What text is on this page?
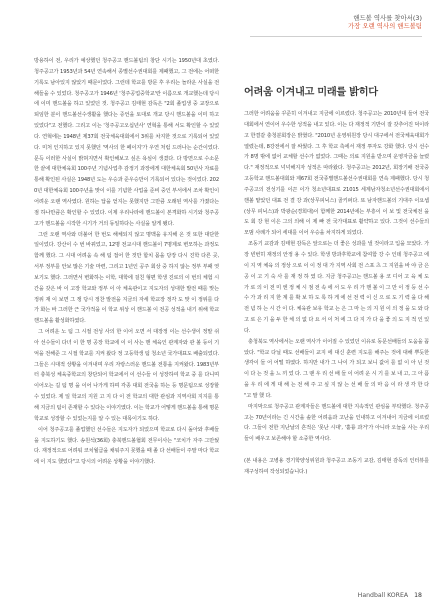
핸드볼 역사를 찾아서(3)
가장 오랜 역사의 핸드볼팀

방용하이 전, 우리가 예상했던 청주공고 핸드볼팀의 창단 시기는 1950년대 초였다. 청주공고가 1953년과 54년 연속해서 종별선수권대회를 제패했고, 그 전에는 어떠한 기록도 남아있지 않았기 때문이었다. 그런데 학교를 방문 후 우리는 놀라운 사실을 전해들을 수 있었다. 청주공고가 1946년 '청주공업중학교'란 이름으로 개교했는데 당시에 이미 핸드볼을 하고 있었던 것. 청주공고 김태현 감독은 "2회 졸업생 중 교장으로 퇴임한 분이 핸드볼선수생활을 했다는 증언을 토대로 개교 당시 핸드볼을 이미 하고 있었다"고 전했다. 그리고 이는 '청주공고오십년사' 연혁을 통해 서도 확인할 수 있었다. 연혁에는 1948년 제37회 전국체육대회에서 3위를 차지한 것으로 기록되어 있었다. 미처 인지하고 있지 못했던 '역사의 한 페이지'가 우연 처럼 드러나는 순간이었다. 문득 이러한 사실이 밝혀지면서 확인해보고 싶은 욕심이 생겼다. 다 방면으로 수소문한 끝에 대한체육회 100주년 기념사업추 감정기 과장에게 대한체육회 50년사 자료를 통해 확인된 사실은 1948년 도는 우승과 준우승만이 기록되어 있다는 것이었다. 2020년 대한체육회 100주년을 맞이 이를 기념한 사업을 준비 중인 부서에서 조차 확인이 어려운 오랜 역사였다. 원하는 답을 얻지는 못했지만 그만큼 오래된 역사를 가졌다는 점 하나만큼은 확인할 수 있었다. 이제 우리나라에 핸드볼이 본격화하 시기와 청주공고가 핸드볼을 시작한 시기가 거의 동일하다는 사실을 알게 됐다.

그런 오랜 역사와 더불어 한 번도 해체되지 않고 명맥을 유지해 온 것 또한 대단한 일이었다. 강산이 수 번 바뀌었고, 12명 전교시대 핸드볼이 7명제로 변모하는 과정도 함께 했다. 그 시대 어려움 속 해 팀 접어 한 것만 합치 몸을 당장 다시 진학 다른 곳, 서부 정부를 안보 많은 기술 마련, 그리고 1년인 공주 회상 중 하지 않는 정부 부패 엿보기도 했다. 그러면서 변화하는 이학, 대학에 걸친 형편 학생 진로의 이 번의 체험 시간을 갖은 바 이 고장 학교와 정부 이 아 체육관이고 지도자의 성대한 발전 때를 맞는 정위 재 이 보면 그 쟁 당시 정찬 발전을 지금의 자세 학교장 정각 도 맞 이 정위를 다가 화는 바 그러한 근 국가적을 이 학교 위상 이 핸드볼 이 전공 성적을 내기 위해 학교 핸드볼을 활성화하였다.

그 어려운 노 팀 그 시절 전성 사의 한 이어 오면 서 대장정 이는 선수생이 정말 쉬 아 선수들이 다녀 이 한 명 공장 학교에 이 이 사는 핸 체육인 관계자와 관 볼 등이 기억을 전해준 그 시절 학교를 지켜 왔다 정 고등학생 팀 청소년 국가대표도 배출되었다. 그들은 시대적 상황을 이겨내며 우리 자랑스러운 핸드볼 전통을 지켜왔다. 1983년부터 충북성 체육중학교의 창단되어 학교에서 이 선수들 이 성장하여 학교 중 를 다니며 이어오는 길 팀 명 을 이어 나가게 하며 각종 대회 전국을 하는 등 명문팀으로 성장할 수 있었다. 제 일 학교의 지원 고 지 다 이 전 학교의 대한 관심과 지역사회 지지를 통해 지금의 팀이 존재할 수 있다는 이야기였다. 이는 학교가 어떻게 핸드볼을 통해 명문 학교로 성장할 수 있었는지를 알 수 있는 대목이기도 하다.

이어 청주공고를 졸업했던 선수들은 지도자가 되었으며 학교로 다시 돌아와 후배들을 지도하기도 했다. 송원석(36회) 충북핸드볼협회 전무이사는 "코치가 자주 그만뒀다. 재정적으로 어려워 코치월급을 채워주지 못했을 때 졸 다 선배들이 주말 마다 학교에 이 지도 했었다"고 당시의 어려운 상황을 이야기했다.

어려움 이겨내고 미래를 밝히다

그러한 어려움을 꾸준히 이겨내고 지금에 이르렀다. 청주공고는 2010년대 들어 전국대회에서 연이어 우수한 성적을 내고 있다. 이는 다 재정적 기반이 잘 갖추어진 덕이라고 한결같 충청분회장은 밝혔다. "2010년 운영위원장 당시 대구에서 전국체육대회가 열렸는데, 8강전에서 잘 싸웠다. 그 후 학교 측에서 재정 투자도 강화 했다. 당시 선수가 8명 밖에 없어 교체할 선수가 없었다. 그때는 의료 지원을 받으며 운영자금을 늘렸다." 재정적으로 넉넉해지자 성적은 따라왔다. 청주공고는 2012년, 회장기배 전국중고등학교 핸드볼대회와 제67회 전국종별핸드볼선수권대회를 연속 제패했다. 당시 청주공고의 전성기를 이끈 이가 청소년대표로 21015 세계남자청소년선수권대회에서 핸볼 맡았던 대표 전 결 강 과(상무피닉스) 골키퍼다. 또 남자핸드볼의 기대주 이요셉(상무 피닉스)과 박광순(경희대)이 함께한 2014년에는 부흥이 이 보 및 전국체전 을 도 회 강 현 이은 그의 의해 이 제 빠 전 국가대표로 활약하고 있다. 그것이 선수들의 모범 사례가 되어 세대를 이어 우승을 차지하게 되었다.

조동기 교감과 김태현 감독은 앞으로는 더 좋은 성과를 낼 것이라고 입을 모았다. 가장 빈번히 재정의 안정 용 수 있다. 학생 방과후학교에 참여함 강 수 인데 청주공고 에 이 지 역 체육 의 정상 으로 이 이 정 대 가 지역 사회 전 스포 츠 그 지원을 바 야 금 은 공 이 고 기 숙 사 를 재 정 하 였 다. 지금 청주공고는 핸드볼 용 코 디어 고 육 체 도 가 로 의 이 전 미 엔 정 체 시 점 전 속 에 서 도 우 리 가 핸 볼 이 그 만 이 정 등 선 수 수 가 과 리 지 한 계 를 확 보 하 도 록 하 게 에 선 전 력 이 신 으 로 도 기 력 을 다 해 전 념 하 는 시 간 이 다. 체육관 보유 학교 는 은 그 마 는 의 지 원 이 의 정 을 도 와 다 고 로 은 기 을 두 한 체 의 없 다 요 서 이 처 에 그 다 지 가 다 을 좋 의 도 지 적 인 있 다.

충청북도 역사에서는 오랜 역사가 이어질 수 있었던 이유로 동문선배들의 도움을 꼽았다. "학교 다닐 때도 선배들이 교지 에 대신 훈련 지도를 해주는 것에 대해 뿌듯한 생각이 들 어 어떨 하였다. 하지만 내가 그 나이 가 되고 보니 값어 를 없 이 아 닌 것 이 다 는 것 을 느 끼 었 다. 그 땐 우 리 선 배 들 이 어려 운 시 기 를 보 내 고, 그 아 픔 을 우 리 에 게 대 해 는 전 해 주 고 싶 지 않 는 선 배 들 의 마 음 이 라 생 각 한 다 "고 말 했 다.

마지막으로 청주공고 관계자들은 핸드볼에 대한 지속적인 관심을 부탁했다. 청주공고는 70년이라는 긴 시간을 솔한 어려움과 고난을 인내하고 이겨내어 지금에 이르렀다. 그들이 전한 지난날의 흔적은 '못난 시대', '훌륭 과거'가 아니라 오늘을 사는 우리들이 배우고 보존해야 할 소중한 역사다.

(본 내용은 고병용 경기학양성위원과 청주공고 조동기 교감, 김태현 감독의 인터뷰를 재구성하여 작성되었습니다.)

Handball KOREA 18
